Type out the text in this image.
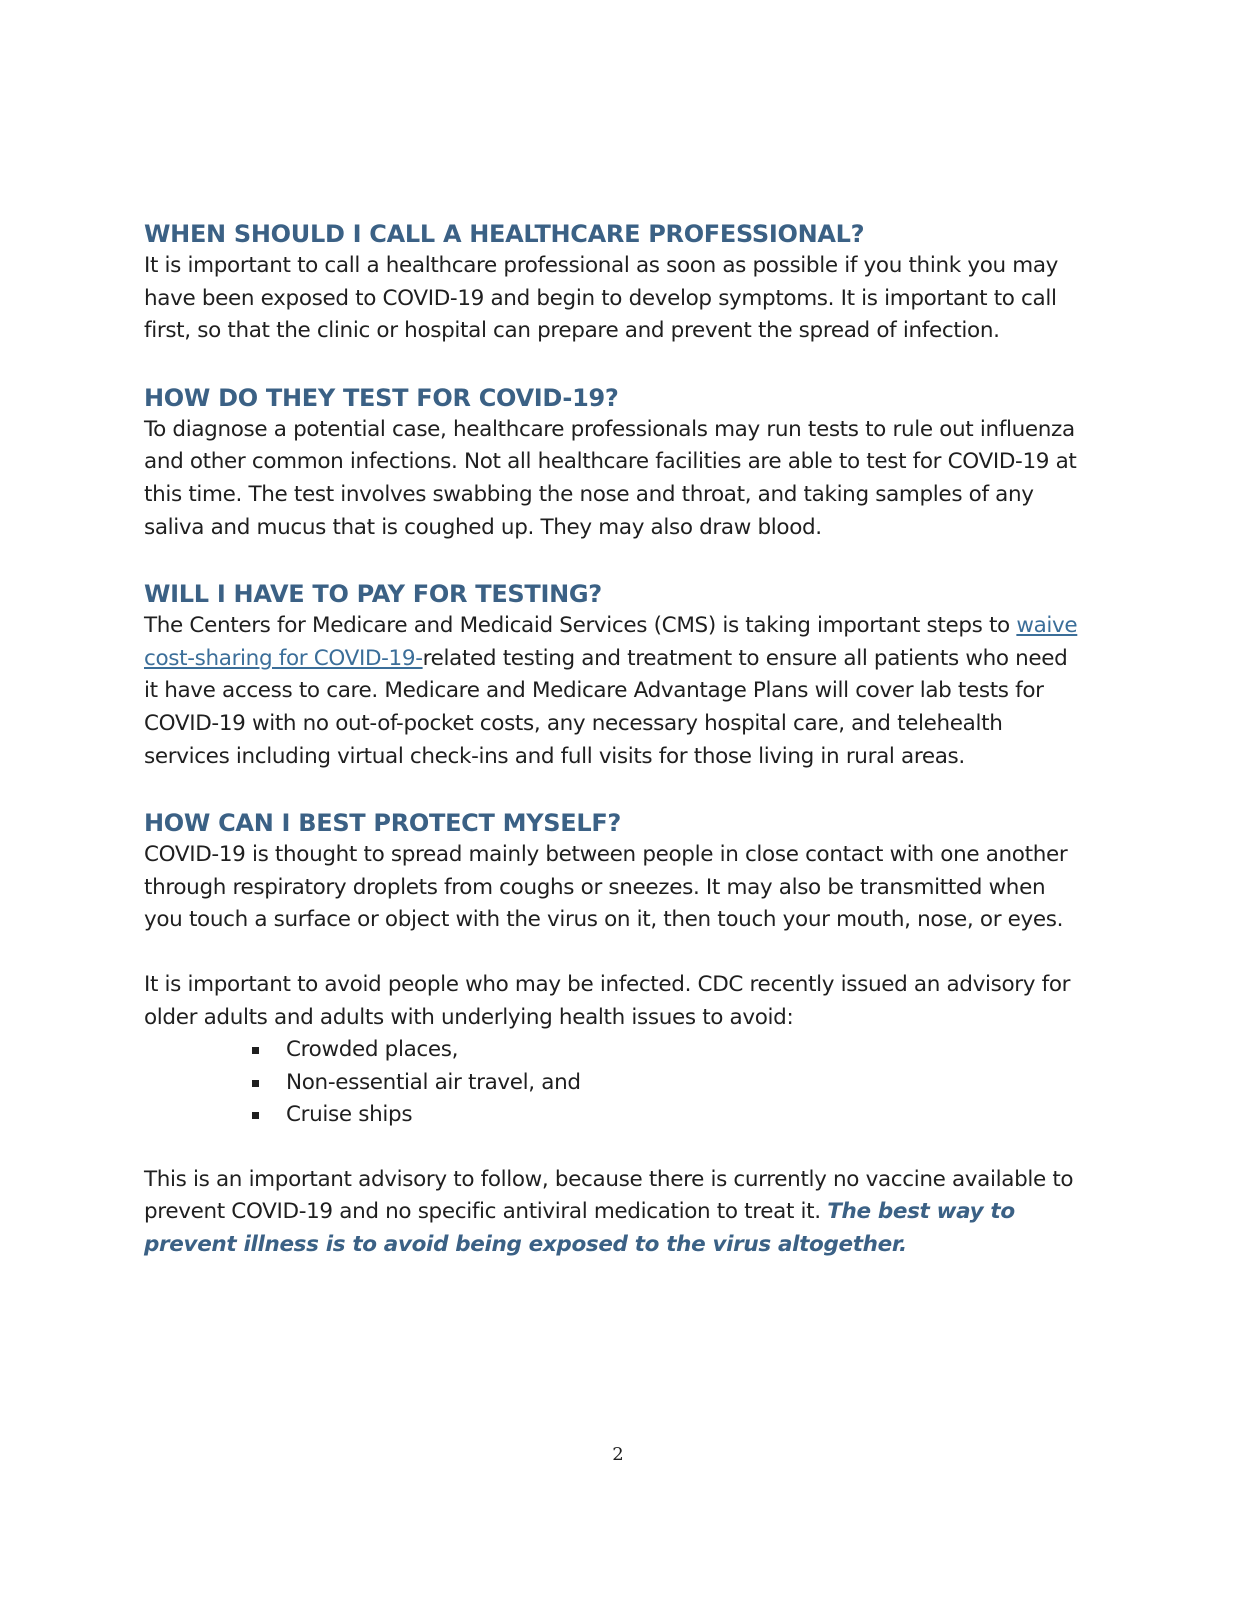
WHEN SHOULD I CALL A HEALTHCARE PROFESSIONAL?

It is important to call a healthcare professional as soon as possible if you think you may have been exposed to COVID-19 and begin to develop symptoms. It is important to call first, so that the clinic or hospital can prepare and prevent the spread of infection.

HOW DO THEY TEST FOR COVID-19?

To diagnose a potential case, healthcare professionals may run tests to rule out influenza and other common infections. Not all healthcare facilities are able to test for COVID-19 at this time. The test involves swabbing the nose and throat, and taking samples of any saliva and mucus that is coughed up. They may also draw blood.

WILL I HAVE TO PAY FOR TESTING?

The Centers for Medicare and Medicaid Services (CMS) is taking important steps to waive cost-sharing for COVID-19-related testing and treatment to ensure all patients who need it have access to care. Medicare and Medicare Advantage Plans will cover lab tests for COVID-19 with no out-of-pocket costs, any necessary hospital care, and telehealth services including virtual check-ins and full visits for those living in rural areas.

HOW CAN I BEST PROTECT MYSELF?

COVID-19 is thought to spread mainly between people in close contact with one another through respiratory droplets from coughs or sneezes. It may also be transmitted when you touch a surface or object with the virus on it, then touch your mouth, nose, or eyes.

It is important to avoid people who may be infected. CDC recently issued an advisory for older adults and adults with underlying health issues to avoid:

Crowded places,
Non-essential air travel, and
Cruise ships

This is an important advisory to follow, because there is currently no vaccine available to prevent COVID-19 and no specific antiviral medication to treat it. The best way to prevent illness is to avoid being exposed to the virus altogether.

2
